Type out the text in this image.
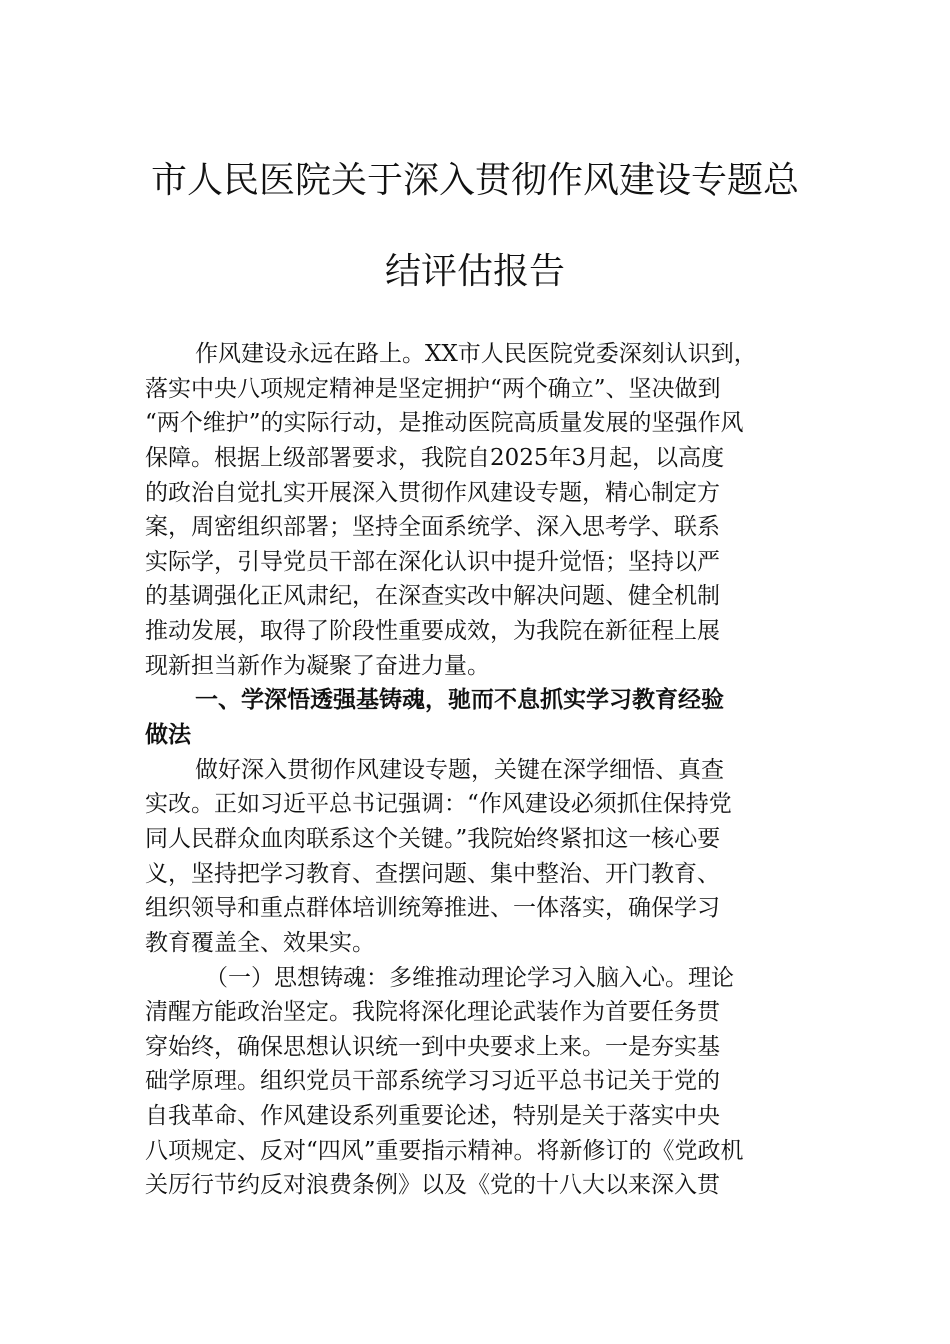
市人民医院关于深入贯彻作风建设专题总
结评估报告
作风建设永远在路上。XX市人民医院党委深刻认识到，
落实中央八项规定精神是坚定拥护“两个确立”、坚决做到
“两个维护”的实际行动，是推动医院高质量发展的坚强作风
保障。根据上级部署要求，我院自2025年3月起，以高度
的政治自觉扎实开展深入贯彻作风建设专题，精心制定方
案，周密组织部署；坚持全面系统学、深入思考学、联系
实际学，引导党员干部在深化认识中提升觉悟；坚持以严
的基调强化正风肃纪，在深查实改中解决问题、健全机制
推动发展，取得了阶段性重要成效，为我院在新征程上展
现新担当新作为凝聚了奋进力量。
一、学深悟透强基铸魂，驰而不息抓实学习教育经验
做法
做好深入贯彻作风建设专题，关键在深学细悟、真查
实改。正如习近平总书记强调：“作风建设必须抓住保持党
同人民群众血肉联系这个关键。”我院始终紧扣这一核心要
义，坚持把学习教育、查摆问题、集中整治、开门教育、
组织领导和重点群体培训统筹推进、一体落实，确保学习
教育覆盖全、效果实。
（一）思想铸魂：多维推动理论学习入脑入心。理论
清醒方能政治坚定。我院将深化理论武装作为首要任务贯
穿始终，确保思想认识统一到中央要求上来。一是夯实基
础学原理。组织党员干部系统学习习近平总书记关于党的
自我革命、作风建设系列重要论述，特别是关于落实中央
八项规定、反对“四风”重要指示精神。将新修订的《党政机
关厉行节约反对浪费条例》以及《党的十八大以来深入贯
